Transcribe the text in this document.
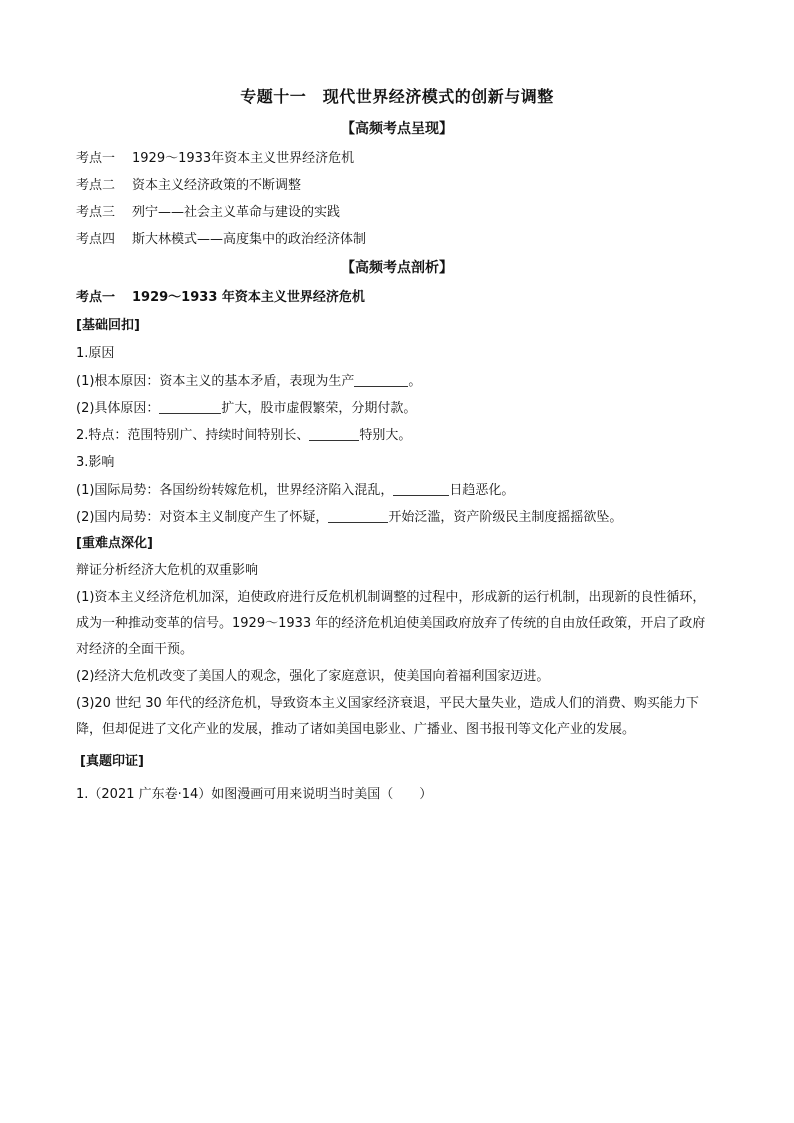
专题十一　现代世界经济模式的创新与调整
【高频考点呈现】
考点一 1929～1933年资本主义世界经济危机
考点二 资本主义经济政策的不断调整
考点三 列宁——社会主义革命与建设的实践
考点四 斯大林模式——高度集中的政治经济体制
【高频考点剖析】
考点一 1929～1933 年资本主义世界经济危机
[基础回扣]
1.原因
(1)根本原因：资本主义的基本矛盾，表现为生产	。
(2)具体原因：	扩大，股市虚假繁荣，分期付款。
2.特点：范围特别广、持续时间特别长、	特别大。
3.影响
(1)国际局势：各国纷纷转嫁危机，世界经济陷入混乱，	日趋恶化。
(2)国内局势：对资本主义制度产生了怀疑，	开始泛滥，资产阶级民主制度摇摇欲坠。
[重难点深化]
辩证分析经济大危机的双重影响
(1)资本主义经济危机加深，迫使政府进行反危机机制调整的过程中，形成新的运行机制，出现新的良性循环，成为一种推动变革的信号。1929～1933 年的经济危机迫使美国政府放弃了传统的自由放任政策，开启了政府对经济的全面干预。
(2)经济大危机改变了美国人的观念，强化了家庭意识，使美国向着福利国家迈进。
(3)20 世纪 30 年代的经济危机，导致资本主义国家经济衰退，平民大量失业，造成人们的消费、购买能力下降，但却促进了文化产业的发展，推动了诸如美国电影业、广播业、图书报刊等文化产业的发展。
[真题印证]
1.（2021 广东卷·14）如图漫画可用来说明当时美国（　　）
